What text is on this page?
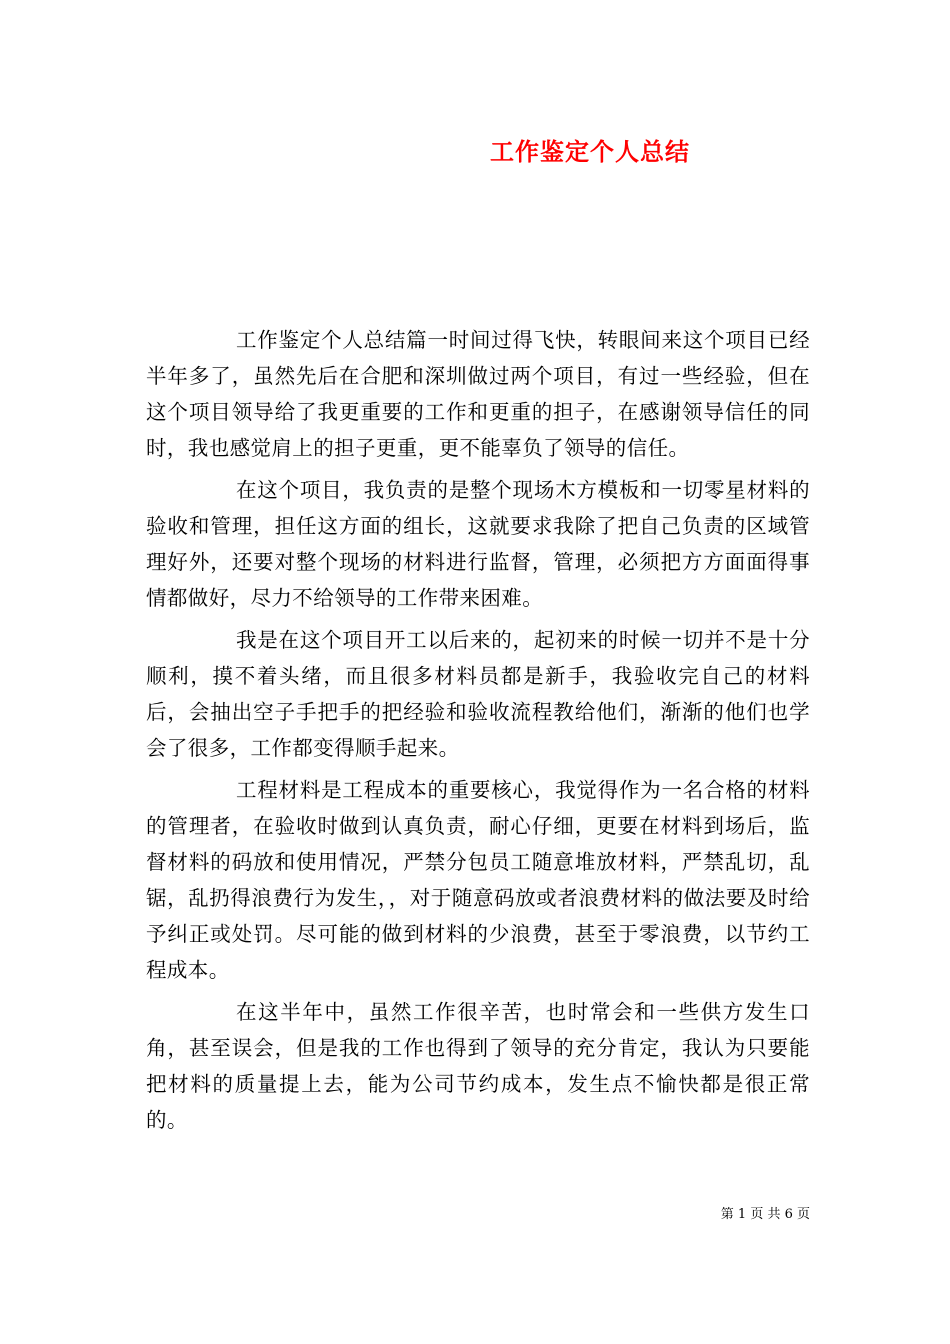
工作鉴定个人总结

工作鉴定个人总结篇一时间过得飞快，转眼间来这个项目已经半年多了，虽然先后在合肥和深圳做过两个项目，有过一些经验，但在这个项目领导给了我更重要的工作和更重的担子，在感谢领导信任的同时，我也感觉肩上的担子更重，更不能辜负了领导的信任。

在这个项目，我负责的是整个现场木方模板和一切零星材料的验收和管理，担任这方面的组长，这就要求我除了把自己负责的区域管理好外，还要对整个现场的材料进行监督，管理，必须把方方面面得事情都做好，尽力不给领导的工作带来困难。

我是在这个项目开工以后来的，起初来的时候一切并不是十分顺利，摸不着头绪，而且很多材料员都是新手，我验收完自己的材料后，会抽出空子手把手的把经验和验收流程教给他们，渐渐的他们也学会了很多，工作都变得顺手起来。

工程材料是工程成本的重要核心，我觉得作为一名合格的材料的管理者，在验收时做到认真负责，耐心仔细，更要在材料到场后，监督材料的码放和使用情况，严禁分包员工随意堆放材料，严禁乱切，乱锯，乱扔得浪费行为发生，，对于随意码放或者浪费材料的做法要及时给予纠正或处罚。尽可能的做到材料的少浪费，甚至于零浪费，以节约工程成本。

在这半年中，虽然工作很辛苦，也时常会和一些供方发生口角，甚至误会，但是我的工作也得到了领导的充分肯定，我认为只要能把材料的质量提上去，能为公司节约成本，发生点不愉快都是很正常的。

第 1 页 共 6 页
